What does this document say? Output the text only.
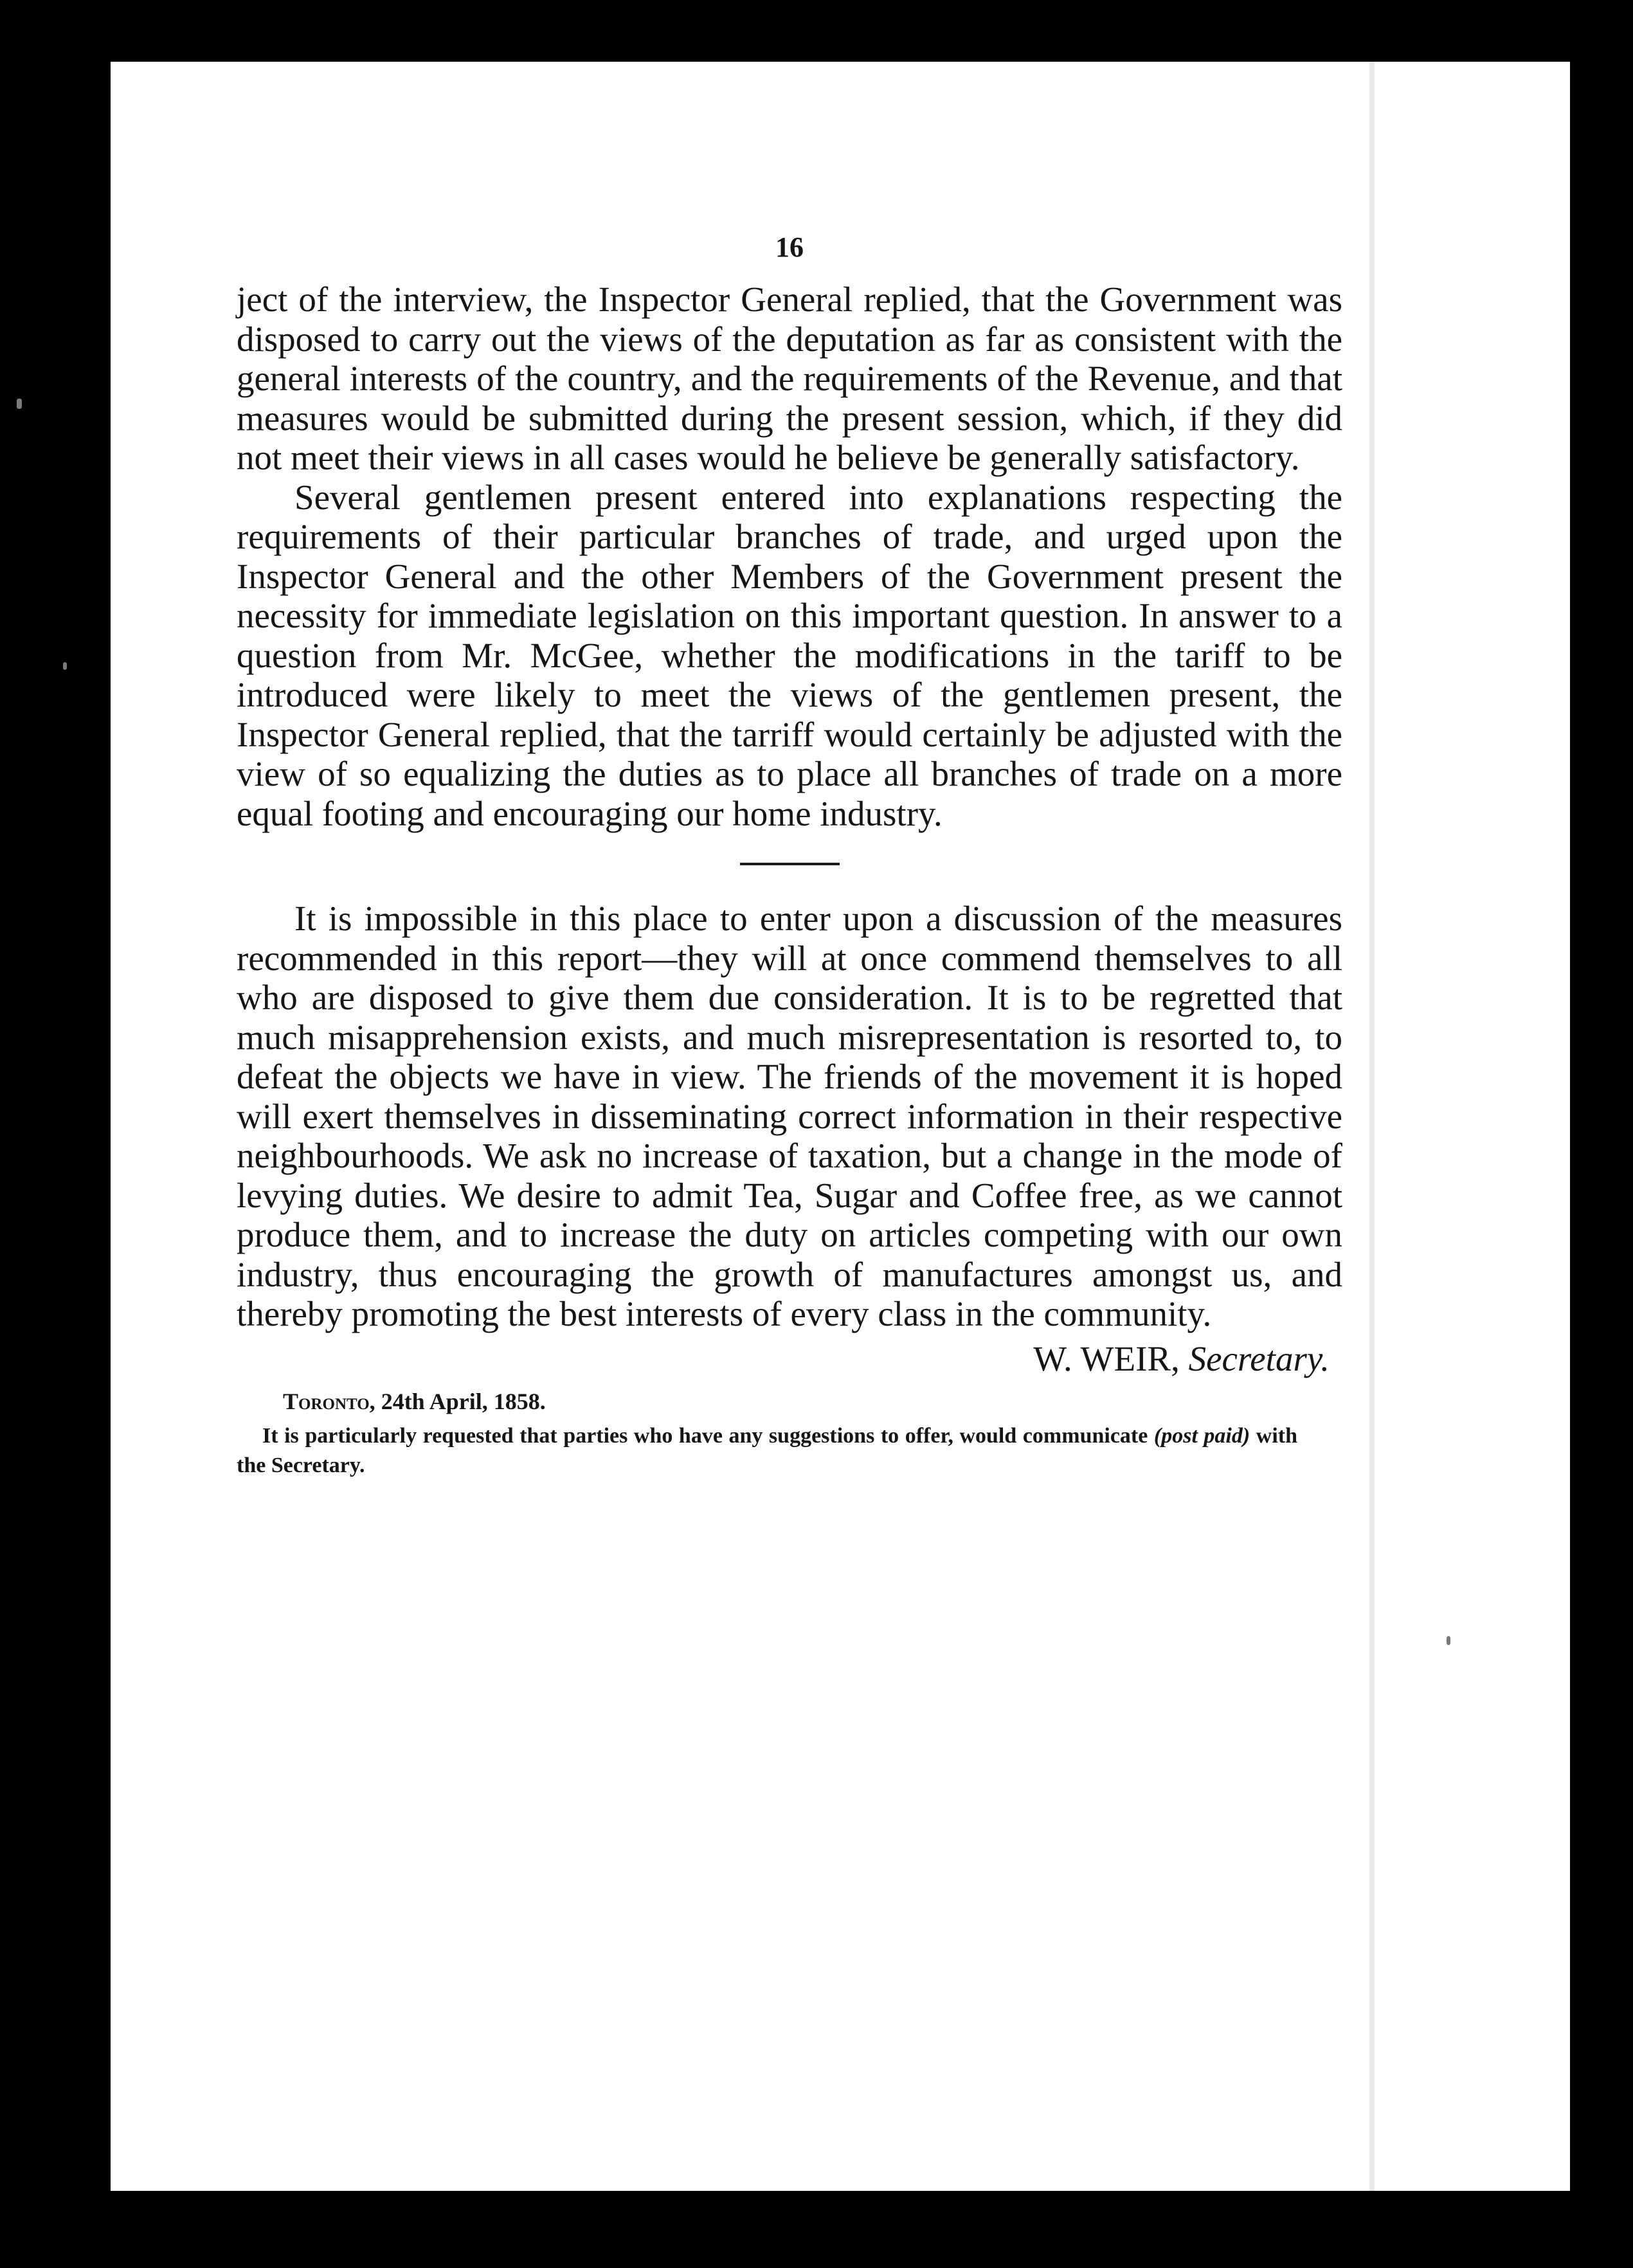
16

ject of the interview, the Inspector General replied, that the Government was disposed to carry out the views of the deputation as far as consistent with the general interests of the country, and the requirements of the Revenue, and that measures would be submitted during the present session, which, if they did not meet their views in all cases would he believe be generally satisfactory.

Several gentlemen present entered into explanations respecting the requirements of their particular branches of trade, and urged upon the Inspector General and the other Members of the Government present the necessity for immediate legislation on this important question. In answer to a question from Mr. McGee, whether the modifications in the tariff to be introduced were likely to meet the views of the gentlemen present, the Inspector General replied, that the tarriff would certainly be adjusted with the view of so equalizing the duties as to place all branches of trade on a more equal footing and encouraging our home industry.

It is impossible in this place to enter upon a discussion of the measures recommended in this report—they will at once commend themselves to all who are disposed to give them due consideration. It is to be regretted that much misapprehension exists, and much misrepresentation is resorted to, to defeat the objects we have in view. The friends of the movement it is hoped will exert themselves in disseminating correct information in their respective neighbourhoods. We ask no increase of taxation, but a change in the mode of levying duties. We desire to admit Tea, Sugar and Coffee free, as we cannot produce them, and to increase the duty on articles competing with our own industry, thus encouraging the growth of manufactures amongst us, and thereby promoting the best interests of every class in the community.

W. WEIR, Secretary.
Toronto, 24th April, 1858.

It is particularly requested that parties who have any suggestions to offer, would communicate (post paid) with the Secretary.
